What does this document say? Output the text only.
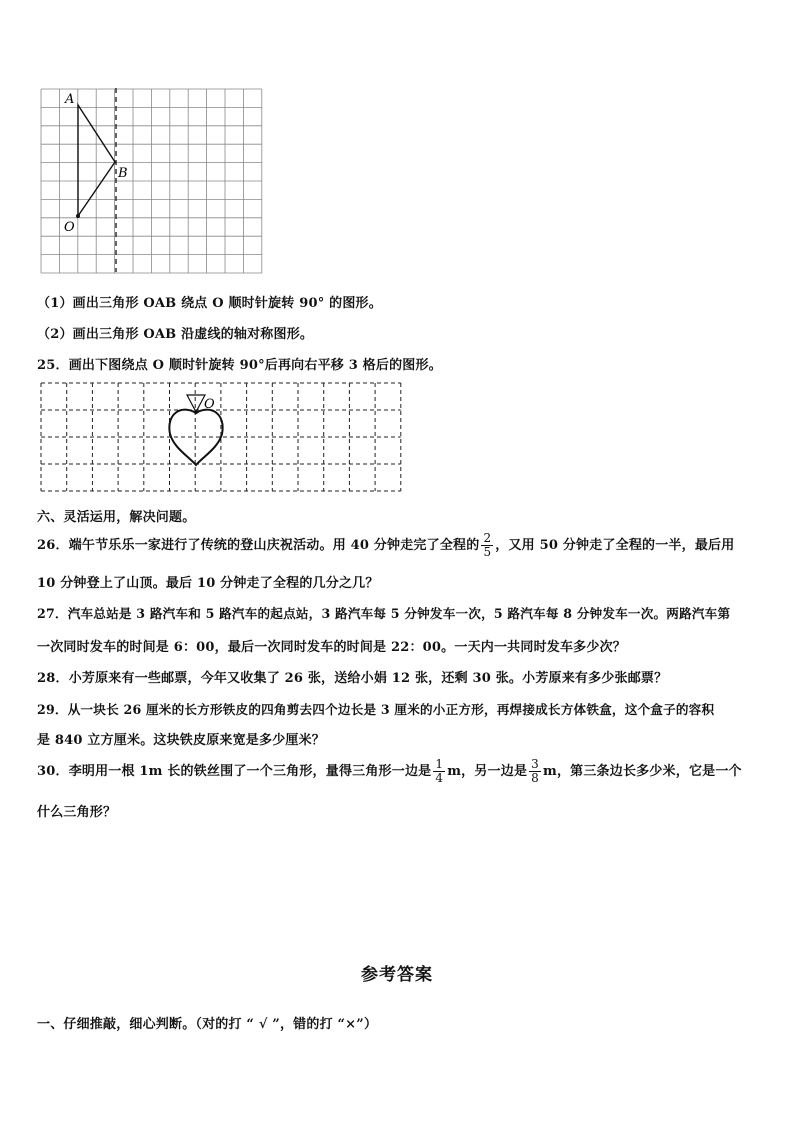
A
B
O
（1）画出三角形 OAB 绕点 O 顺时针旋转 90° 的图形。
（2）画出三角形 OAB 沿虚线的轴对称图形。
25．画出下图绕点 O 顺时针旋转 90°后再向右平移 3 格后的图形。
O
六、灵活运用，解决问题。
26．端午节乐乐一家进行了传统的登山庆祝活动。用 40 分钟走完了全程的 $\frac{2}{5}$ ，又用 50 分钟走了全程的一半，最后用
10 分钟登上了山顶。最后 10 分钟走了全程的几分之几？
27．汽车总站是 3 路汽车和 5 路汽车的起点站，3 路汽车每 5 分钟发车一次，5 路汽车每 8 分钟发车一次。两路汽车第
一次同时发车的时间是 6：00，最后一次同时发车的时间是 22：00。一天内一共同时发车多少次？
28．小芳原来有一些邮票，今年又收集了 26 张，送给小娟 12 张，还剩 30 张。小芳原来有多少张邮票？
29．从一块长 26 厘米的长方形铁皮的四角剪去四个边长是 3 厘米的小正方形，再焊接成长方体铁盒，这个盒子的容积
是 840 立方厘米。这块铁皮原来宽是多少厘米？
30．李明用一根 1m 长的铁丝围了一个三角形，量得三角形一边是 $\frac{1}{4}$ m，另一边是 $\frac{3}{8}$ m，第三条边长多少米，它是一个
什么三角形？
参考答案
一、仔细推敲，细心判断。（对的打 “ √ ”，错的打 “×”）
